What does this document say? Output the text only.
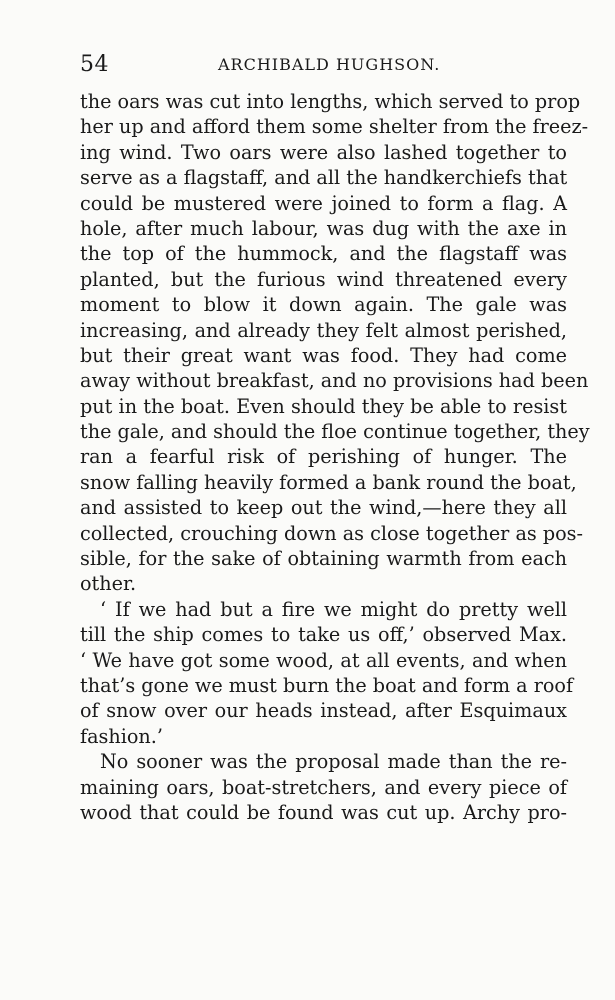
54	ARCHIBALD HUGHSON.
the oars was cut into lengths, which served to prop
her up and afford them some shelter from the freez-
ing wind. Two oars were also lashed together to
serve as a flagstaff, and all the handkerchiefs that
could be mustered were joined to form a flag. A
hole, after much labour, was dug with the axe in
the top of the hummock, and the flagstaff was
planted, but the furious wind threatened every
moment to blow it down again. The gale was
increasing, and already they felt almost perished,
but their great want was food. They had come
away without breakfast, and no provisions had been
put in the boat. Even should they be able to resist
the gale, and should the floe continue together, they
ran a fearful risk of perishing of hunger. The
snow falling heavily formed a bank round the boat,
and assisted to keep out the wind,—here they all
collected, crouching down as close together as pos-
sible, for the sake of obtaining warmth from each
other.
‘ If we had but a fire we might do pretty well
till the ship comes to take us off,’ observed Max.
‘ We have got some wood, at all events, and when
that’s gone we must burn the boat and form a roof
of snow over our heads instead, after Esquimaux
fashion.’
No sooner was the proposal made than the re-
maining oars, boat-stretchers, and every piece of
wood that could be found was cut up. Archy pro-
